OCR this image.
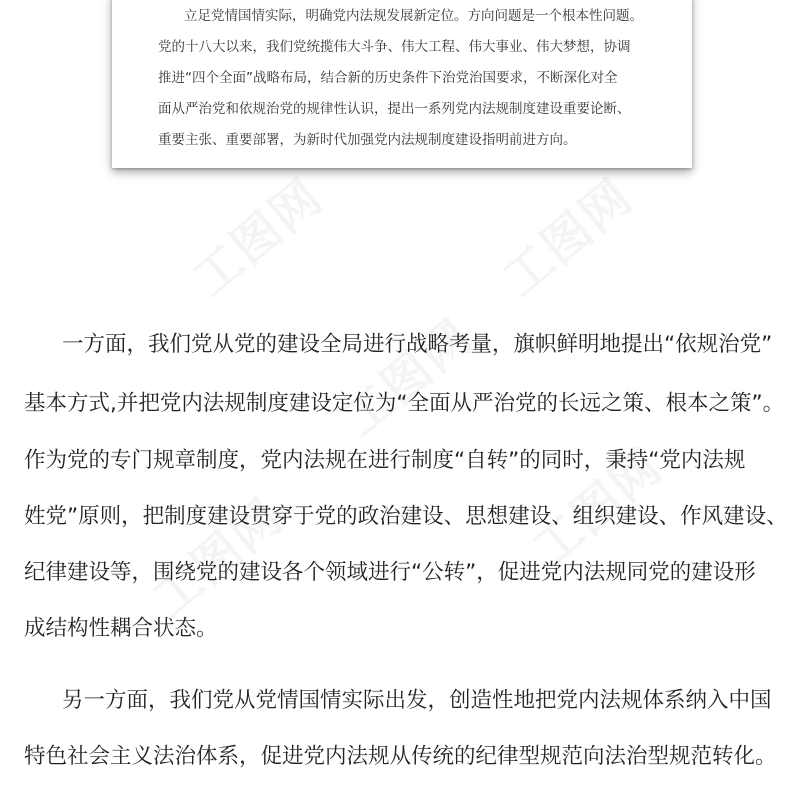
工图网	工图网
工图网
工图网
工图网
立足党情国情实际，明确党内法规发展新定位。方向问题是一个根本性问题。
党的十八大以来，我们党统揽伟大斗争、伟大工程、伟大事业、伟大梦想，协调
推进“四个全面”战略布局，结合新的历史条件下治党治国要求，不断深化对全
面从严治党和依规治党的规律性认识，提出一系列党内法规制度建设重要论断、
重要主张、重要部署，为新时代加强党内法规制度建设指明前进方向。
一方面，我们党从党的建设全局进行战略考量，旗帜鲜明地提出“依规治党”
基本方式,并把党内法规制度建设定位为“全面从严治党的长远之策、根本之策”。
作为党的专门规章制度，党内法规在进行制度“自转”的同时，秉持“党内法规
姓党”原则，把制度建设贯穿于党的政治建设、思想建设、组织建设、作风建设、
纪律建设等，围绕党的建设各个领域进行“公转”，促进党内法规同党的建设形
成结构性耦合状态。
另一方面，我们党从党情国情实际出发，创造性地把党内法规体系纳入中国
特色社会主义法治体系，促进党内法规从传统的纪律型规范向法治型规范转化。
